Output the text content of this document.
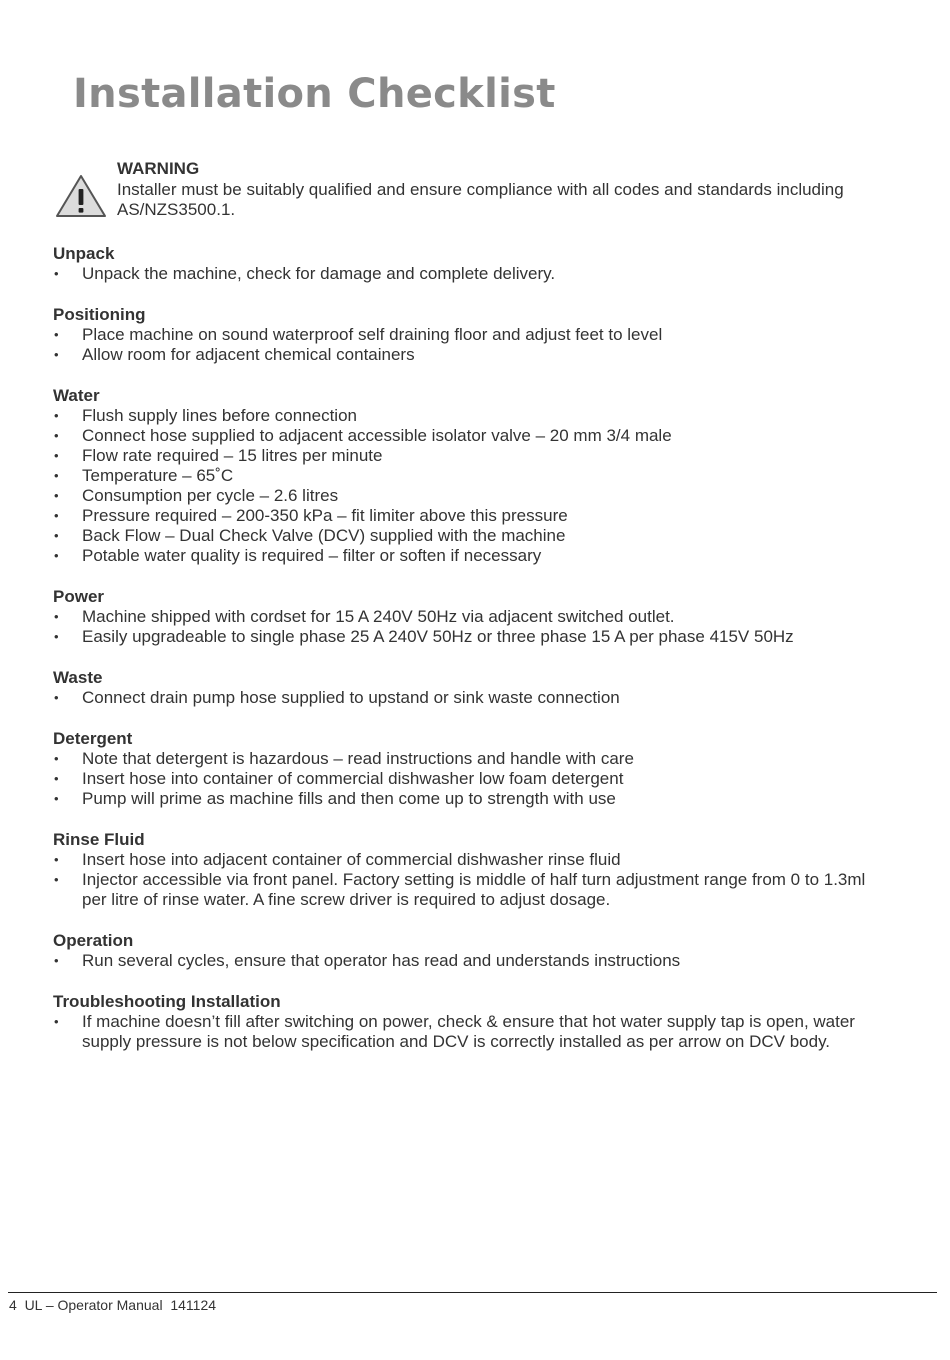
Installation Checklist
WARNING
Installer must be suitably qualified and ensure compliance with all codes and standards including AS/NZS3500.1.
Unpack
• Unpack the machine, check for damage and complete delivery.
Positioning
• Place machine on sound waterproof self draining floor and adjust feet to level
• Allow room for adjacent chemical containers
Water
• Flush supply lines before connection
• Connect hose supplied to adjacent accessible isolator valve – 20 mm 3/4 male
• Flow rate required – 15 litres per minute
• Temperature – 65˚C
• Consumption per cycle – 2.6 litres
• Pressure required – 200-350 kPa – fit limiter above this pressure
• Back Flow – Dual Check Valve (DCV) supplied with the machine
• Potable water quality is required – filter or soften if necessary
Power
• Machine shipped with cordset for 15 A 240V 50Hz via adjacent switched outlet.
• Easily upgradeable to single phase 25 A 240V 50Hz or three phase 15 A per phase 415V 50Hz
Waste
• Connect drain pump hose supplied to upstand or sink waste connection
Detergent
• Note that detergent is hazardous – read instructions and handle with care
• Insert hose into container of commercial dishwasher low foam detergent
• Pump will prime as machine fills and then come up to strength with use
Rinse Fluid
• Insert hose into adjacent container of commercial dishwasher rinse fluid
• Injector accessible via front panel. Factory setting is middle of half turn adjustment range from 0 to 1.3ml per litre of rinse water. A fine screw driver is required to adjust dosage.
Operation
• Run several cycles, ensure that operator has read and understands instructions
Troubleshooting Installation
• If machine doesn’t fill after switching on power, check & ensure that hot water supply tap is open, water supply pressure is not below specification and DCV is correctly installed as per arrow on DCV body.
4  UL – Operator Manual  141124
